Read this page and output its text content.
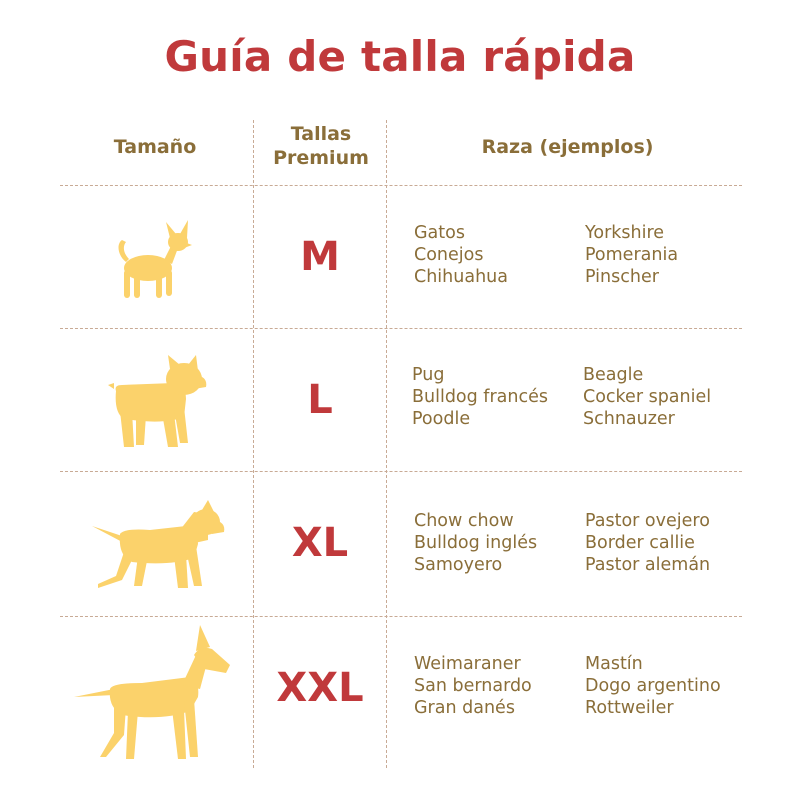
Guía de talla rápida
Tamaño
Tallas
Premium	Raza (ejemplos)
M
Gatos
Conejos
Chihuahua
Yorkshire
Pomerania
Pinscher
L
Pug
Bulldog francés
Poodle
Beagle
Cocker spaniel
Schnauzer
XL	Chow chow
Bulldog inglés
Samoyero
Pastor ovejero
Border callie
Pastor alemán
XXL
Weimaraner
San bernardo
Gran danés
Mastín
Dogo argentino
Rottweiler
